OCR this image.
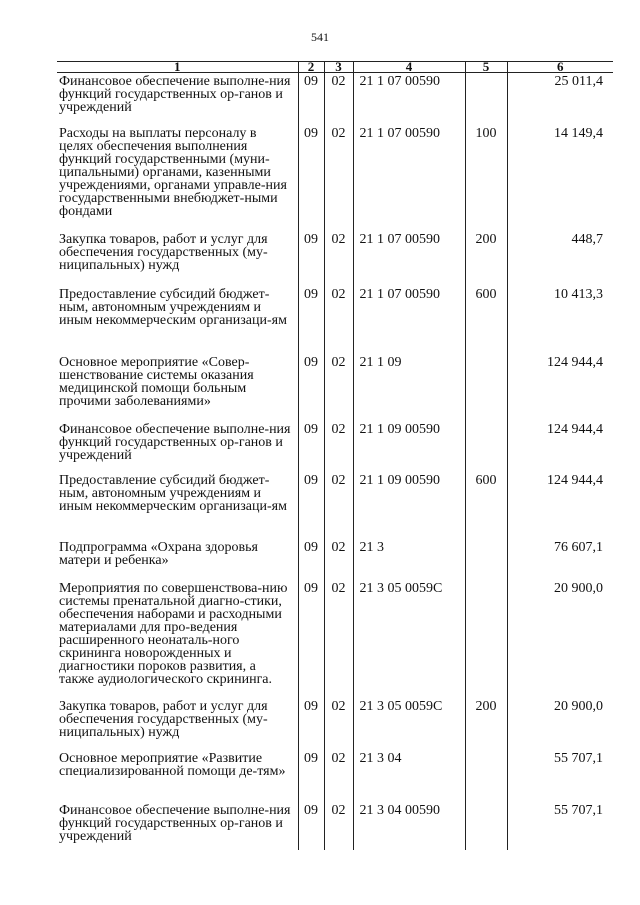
541
1	2	3	4	5	6
Финансовое обеспечение выполне-ния функций государственных ор-ганов и учреждений	09	02	21 1 07 00590		25 011,4
Расходы на выплаты персоналу в целях обеспечения выполнения функций государственными (муни-ципальными) органами, казенными учреждениями, органами управле-ния государственными внебюджет-ными фондами	09	02	21 1 07 00590	100	14 149,4
Закупка товаров, работ и услуг для обеспечения государственных (му-ниципальных) нужд	09	02	21 1 07 00590	200	448,7
Предоставление субсидий бюджет-ным, автономным учреждениям и иным некоммерческим организаци-ям	09	02	21 1 07 00590	600	10 413,3
Основное мероприятие «Совер-шенствование системы оказания медицинской помощи больным прочими заболеваниями»	09	02	21 1 09		124 944,4
Финансовое обеспечение выполне-ния функций государственных ор-ганов и учреждений	09	02	21 1 09 00590		124 944,4
Предоставление субсидий бюджет-ным, автономным учреждениям и иным некоммерческим организаци-ям	09	02	21 1 09 00590	600	124 944,4
Подпрограмма «Охрана здоровья матери и ребенка»	09	02	21 3		76 607,1
Мероприятия по совершенствова-нию системы пренатальной диагно-стики, обеспечения наборами и расходными материалами для про-ведения расширенного неонаталь-ного скрининга новорожденных и диагностики пороков развития, а также аудиологического скрининга.	09	02	21 3 05 0059С		20 900,0
Закупка товаров, работ и услуг для обеспечения государственных (му-ниципальных) нужд	09	02	21 3 05 0059С	200	20 900,0
Основное мероприятие «Развитие специализированной помощи де-тям»	09	02	21 3 04		55 707,1
Финансовое обеспечение выполне-ния функций государственных ор-ганов и учреждений	09	02	21 3 04 00590		55 707,1
